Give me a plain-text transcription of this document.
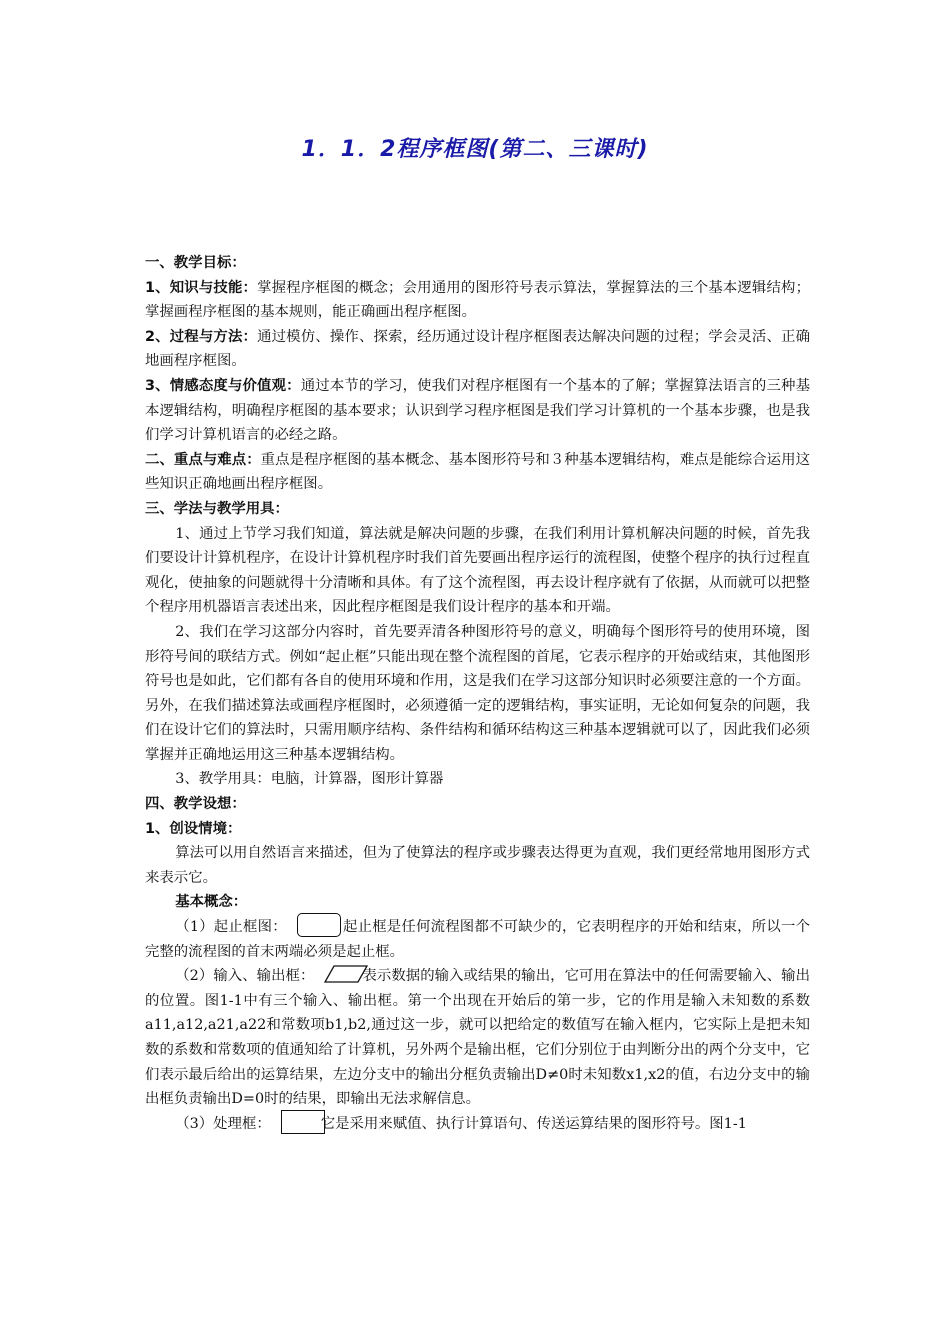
1．1．2程序框图(第二、三课时)

一、教学目标：

1、知识与技能：掌握程序框图的概念；会用通用的图形符号表示算法，掌握算法的三个基本逻辑结构；掌握画程序框图的基本规则，能正确画出程序框图。

2、过程与方法：通过模仿、操作、探索，经历通过设计程序框图表达解决问题的过程；学会灵活、正确地画程序框图。

3、情感态度与价值观：通过本节的学习，使我们对程序框图有一个基本的了解；掌握算法语言的三种基本逻辑结构，明确程序框图的基本要求；认识到学习程序框图是我们学习计算机的一个基本步骤，也是我们学习计算机语言的必经之路。

二、重点与难点：重点是程序框图的基本概念、基本图形符号和３种基本逻辑结构，难点是能综合运用这些知识正确地画出程序框图。

三、学法与教学用具：

1、通过上节学习我们知道，算法就是解决问题的步骤，在我们利用计算机解决问题的时候，首先我们要设计计算机程序，在设计计算机程序时我们首先要画出程序运行的流程图，使整个程序的执行过程直观化，使抽象的问题就得十分清晰和具体。有了这个流程图，再去设计程序就有了依据，从而就可以把整个程序用机器语言表述出来，因此程序框图是我们设计程序的基本和开端。

2、我们在学习这部分内容时，首先要弄清各种图形符号的意义，明确每个图形符号的使用环境，图形符号间的联结方式。例如“起止框”只能出现在整个流程图的首尾，它表示程序的开始或结束，其他图形符号也是如此，它们都有各自的使用环境和作用，这是我们在学习这部分知识时必须要注意的一个方面。另外，在我们描述算法或画程序框图时，必须遵循一定的逻辑结构，事实证明，无论如何复杂的问题，我们在设计它们的算法时，只需用顺序结构、条件结构和循环结构这三种基本逻辑就可以了，因此我们必须掌握并正确地运用这三种基本逻辑结构。

3、教学用具：电脑，计算器，图形计算器

四、教学设想：

1、创设情境：

算法可以用自然语言来描述，但为了使算法的程序或步骤表达得更为直观，我们更经常地用图形方式来表示它。

基本概念：

（1）起止框图：	起止框是任何流程图都不可缺少的，它表明程序的开始和结束，所以一个完整的流程图的首末两端必须是起止框。

（2）输入、输出框：	表示数据的输入或结果的输出，它可用在算法中的任何需要输入、输出的位置。图1-1中有三个输入、输出框。第一个出现在开始后的第一步，它的作用是输入未知数的系数a11,a12,a21,a22和常数项b1,b2,通过这一步，就可以把给定的数值写在输入框内，它实际上是把未知数的系数和常数项的值通知给了计算机，另外两个是输出框，它们分别位于由判断分出的两个分支中，它们表示最后给出的运算结果，左边分支中的输出分框负责输出D≠0时未知数x1,x2的值，右边分支中的输出框负责输出D=0时的结果，即输出无法求解信息。

（3）处理框：	它是采用来赋值、执行计算语句、传送运算结果的图形符号。图1-1
